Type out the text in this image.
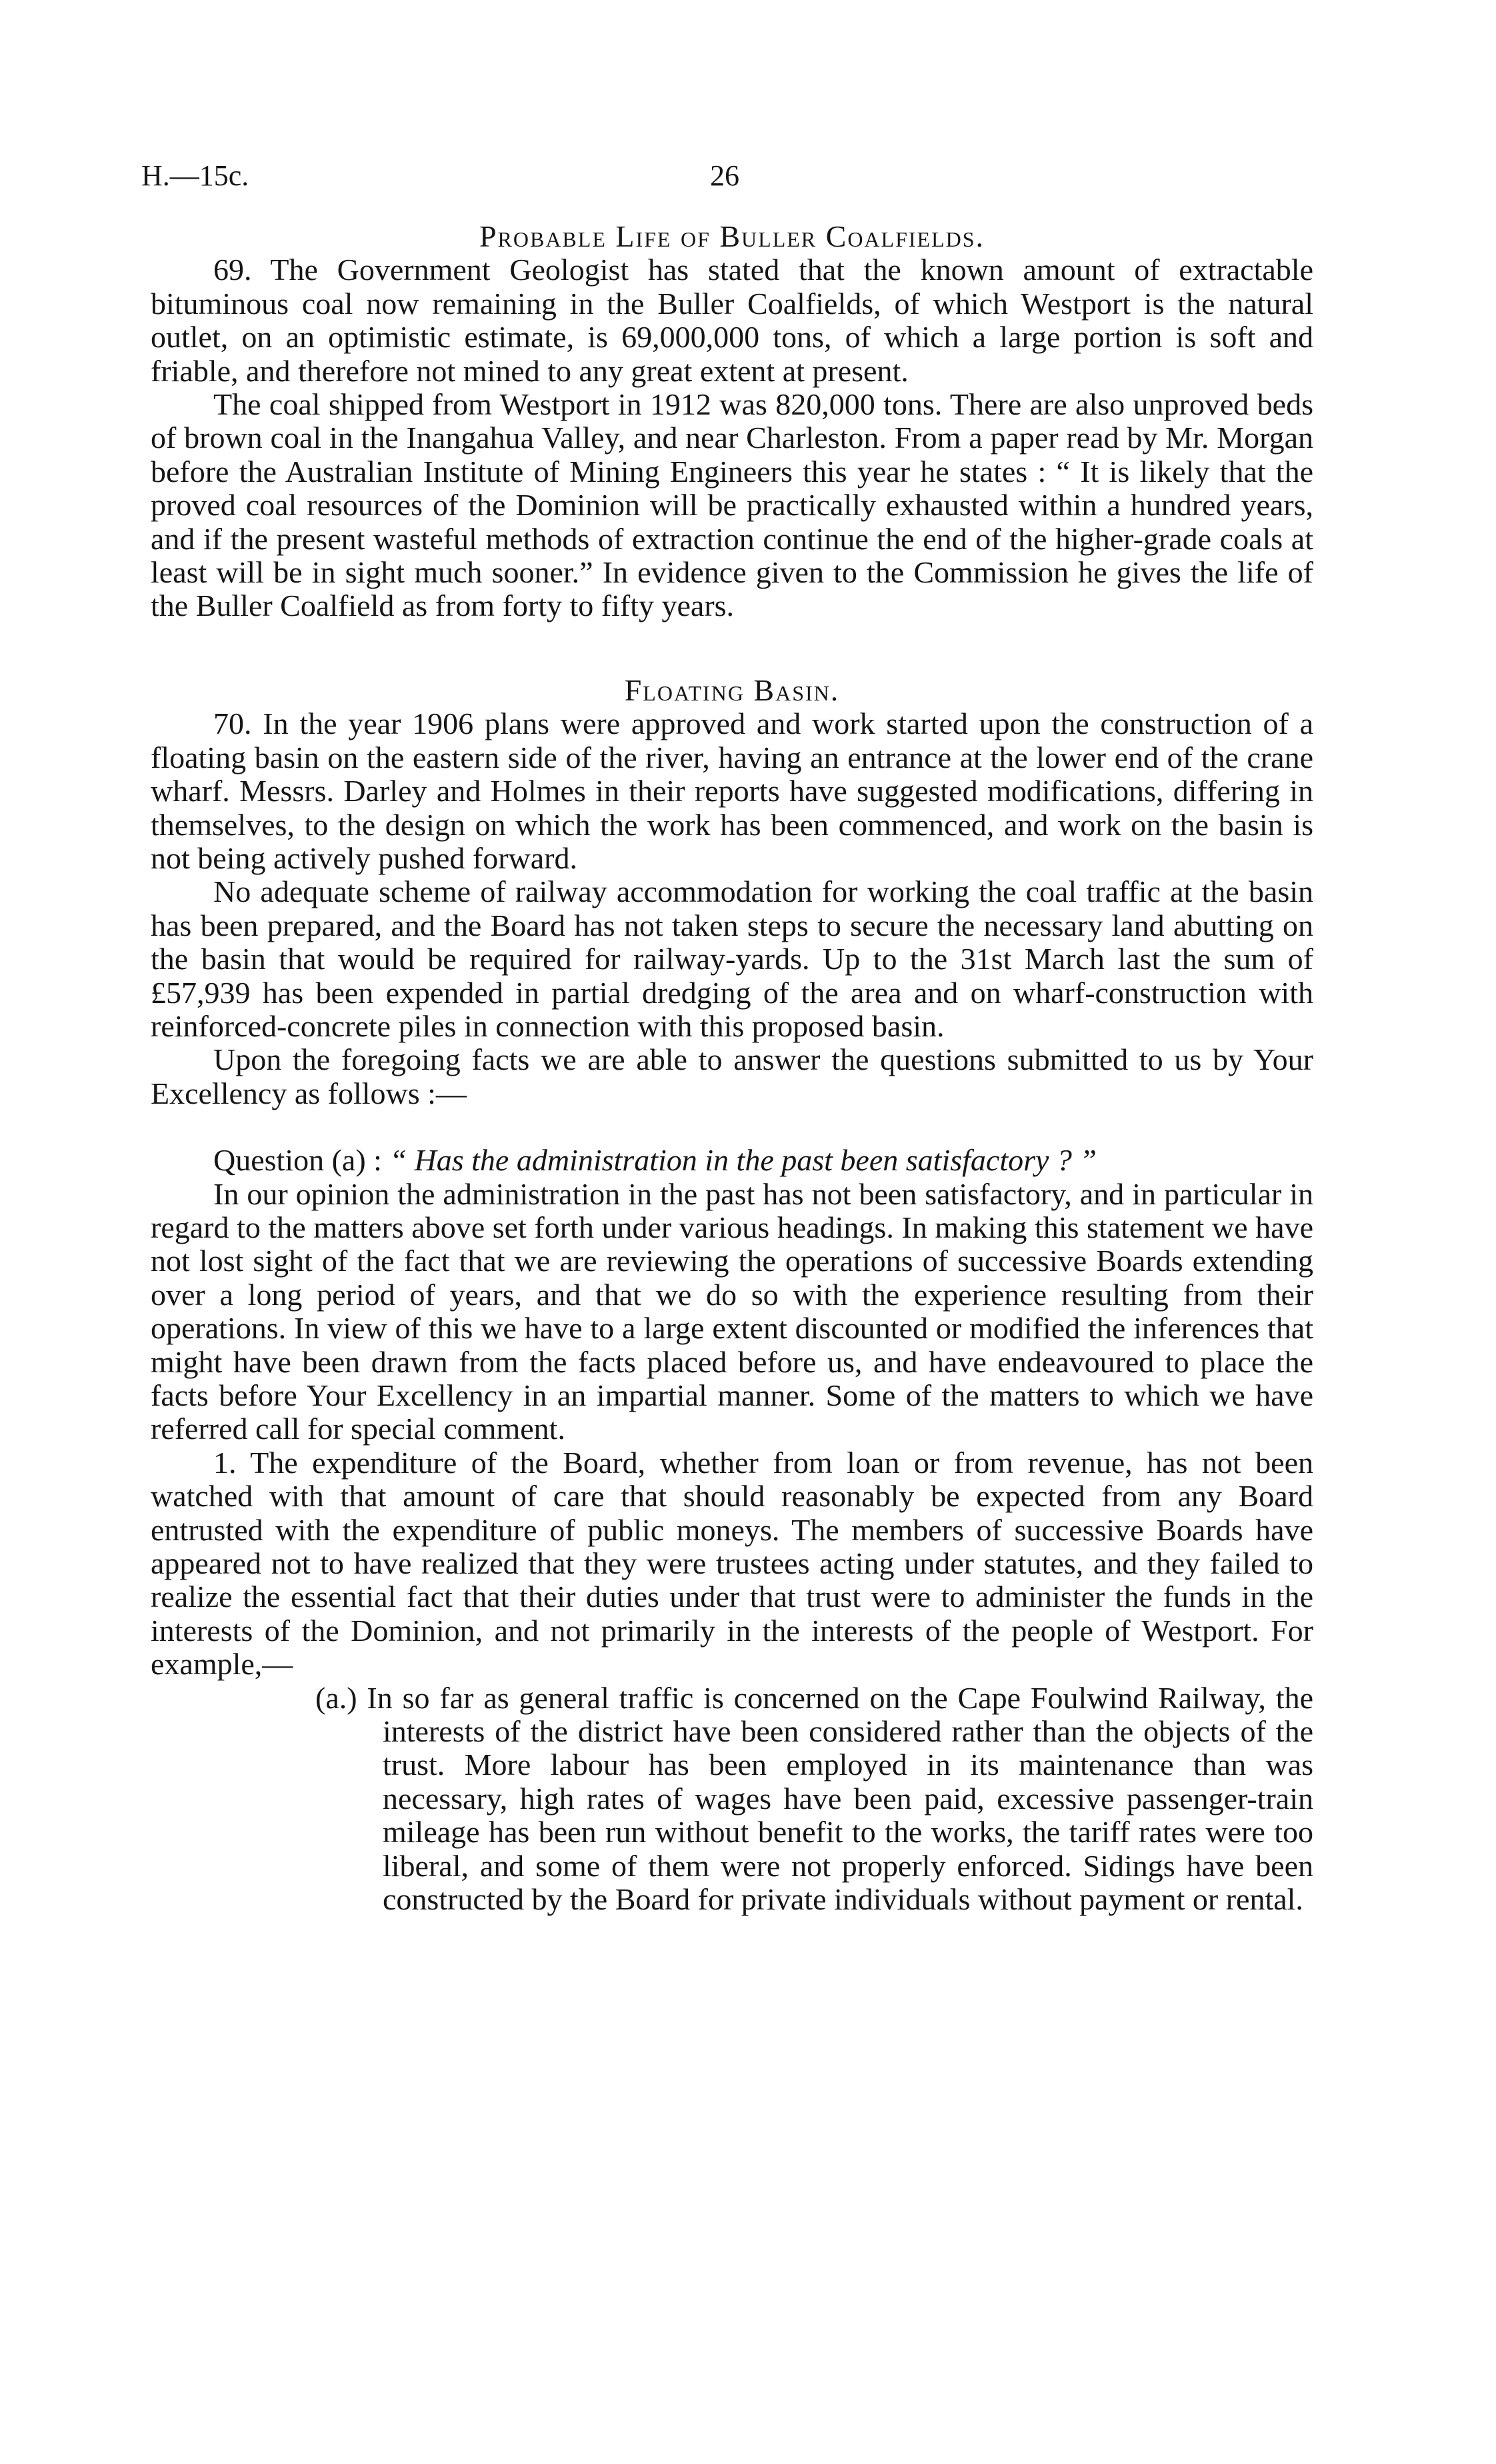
H.—15c.	26
Probable Life of Buller Coalfields.

69. The Government Geologist has stated that the known amount of extractable bituminous coal now remaining in the Buller Coalfields, of which Westport is the natural outlet, on an optimistic estimate, is 69,000,000 tons, of which a large portion is soft and friable, and therefore not mined to any great extent at present.

The coal shipped from Westport in 1912 was 820,000 tons. There are also unproved beds of brown coal in the Inangahua Valley, and near Charleston. From a paper read by Mr. Morgan before the Australian Institute of Mining Engineers this year he states : “ It is likely that the proved coal resources of the Dominion will be practically exhausted within a hundred years, and if the present wasteful methods of extraction continue the end of the higher-grade coals at least will be in sight much sooner.” In evidence given to the Commission he gives the life of the Buller Coalfield as from forty to fifty years.

Floating Basin.

70. In the year 1906 plans were approved and work started upon the construction of a floating basin on the eastern side of the river, having an entrance at the lower end of the crane wharf. Messrs. Darley and Holmes in their reports have suggested modifications, differing in themselves, to the design on which the work has been commenced, and work on the basin is not being actively pushed forward.

No adequate scheme of railway accommodation for working the coal traffic at the basin has been prepared, and the Board has not taken steps to secure the necessary land abutting on the basin that would be required for railway-yards. Up to the 31st March last the sum of £57,939 has been expended in partial dredging of the area and on wharf-construction with reinforced-concrete piles in connection with this proposed basin.

Upon the foregoing facts we are able to answer the questions submitted to us by Your Excellency as follows :—

Question (a) : “ Has the administration in the past been satisfactory ? ”

In our opinion the administration in the past has not been satisfactory, and in particular in regard to the matters above set forth under various headings. In making this statement we have not lost sight of the fact that we are reviewing the operations of successive Boards extending over a long period of years, and that we do so with the experience resulting from their operations. In view of this we have to a large extent discounted or modified the inferences that might have been drawn from the facts placed before us, and have endeavoured to place the facts before Your Excellency in an impartial manner. Some of the matters to which we have referred call for special comment.

1. The expenditure of the Board, whether from loan or from revenue, has not been watched with that amount of care that should reasonably be expected from any Board entrusted with the expenditure of public moneys. The members of successive Boards have appeared not to have realized that they were trustees acting under statutes, and they failed to realize the essential fact that their duties under that trust were to administer the funds in the interests of the Dominion, and not primarily in the interests of the people of Westport. For example,—

(a.) In so far as general traffic is concerned on the Cape Foulwind Railway, the interests of the district have been considered rather than the objects of the trust. More labour has been employed in its maintenance than was necessary, high rates of wages have been paid, excessive passenger-train mileage has been run without benefit to the works, the tariff rates were too liberal, and some of them were not properly enforced. Sidings have been constructed by the Board for private individuals without payment or rental.
